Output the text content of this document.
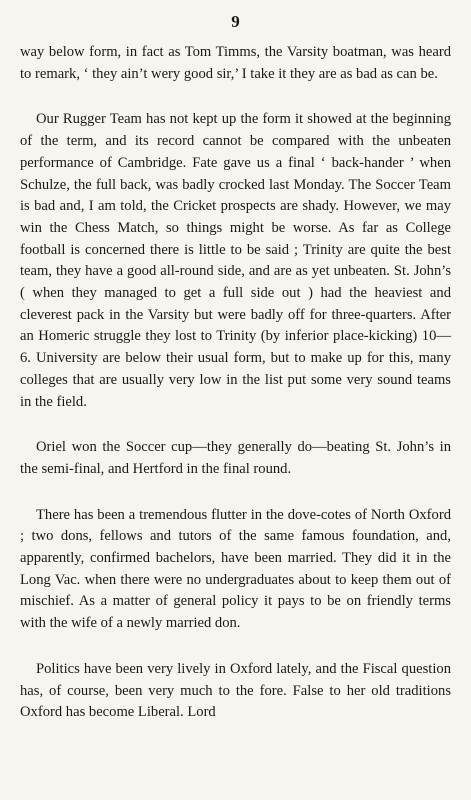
9

way below form, in fact as Tom Timms, the Varsity boatman, was heard to remark, ‘ they ain’t wery good sir,’ I take it they are as bad as can be.

Our Rugger Team has not kept up the form it showed at the beginning of the term, and its record cannot be compared with the unbeaten performance of Cambridge. Fate gave us a final ‘ back-hander ’ when Schulze, the full back, was badly crocked last Monday. The Soccer Team is bad and, I am told, the Cricket prospects are shady. However, we may win the Chess Match, so things might be worse. As far as College football is concerned there is little to be said ; Trinity are quite the best team, they have a good all-round side, and are as yet unbeaten. St. John’s ( when they managed to get a full side out ) had the heaviest and cleverest pack in the Varsity but were badly off for three-quarters. After an Homeric struggle they lost to Trinity (by inferior place-kicking) 10—6. University are below their usual form, but to make up for this, many colleges that are usually very low in the list put some very sound teams in the field.

Oriel won the Soccer cup—they generally do—beating St. John’s in the semi-final, and Hertford in the final round.

There has been a tremendous flutter in the dove-cotes of North Oxford ; two dons, fellows and tutors of the same famous foundation, and, apparently, confirmed bachelors, have been married. They did it in the Long Vac. when there were no undergraduates about to keep them out of mischief. As a matter of general policy it pays to be on friendly terms with the wife of a newly married don.

Politics have been very lively in Oxford lately, and the Fiscal question has, of course, been very much to the fore. False to her old traditions Oxford has become Liberal. Lord
